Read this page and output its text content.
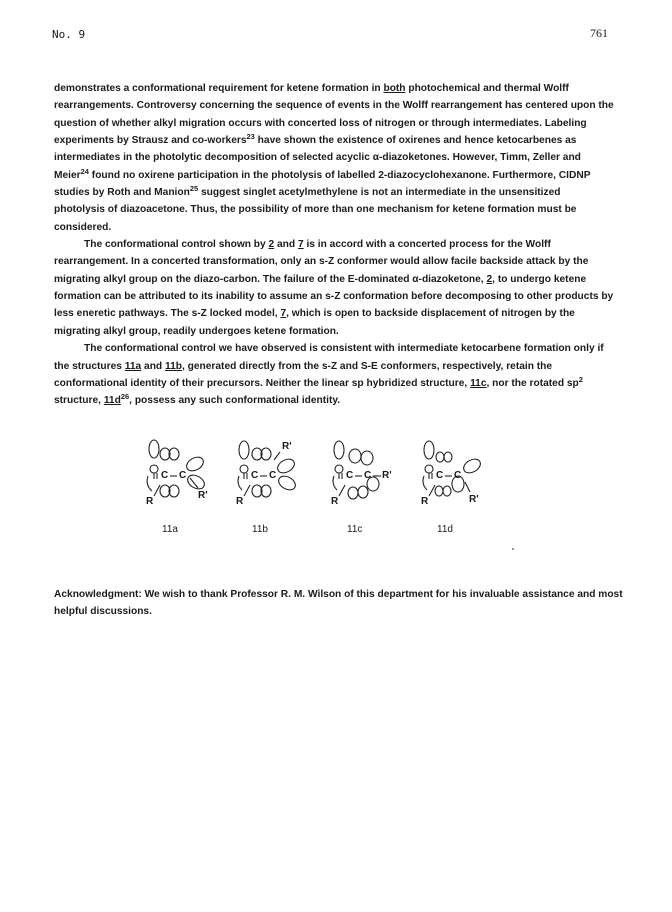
No. 9	761

demonstrates a conformational requirement for ketene formation in both photochemical and thermal Wolff rearrangements. Controversy concerning the sequence of events in the Wolff rearrangement has centered upon the question of whether alkyl migration occurs with concerted loss of nitrogen or through intermediates. Labeling experiments by Strausz and co-workers$^{23}$ have shown the existence of oxirenes and hence ketocarbenes as intermediates in the photolytic decomposition of selected acyclic α-diazoketones. However, Timm, Zeller and Meier$^{24}$ found no oxirene participation in the photolysis of labelled 2-diazocyclohexanone. Furthermore, CIDNP studies by Roth and Manion$^{25}$ suggest singlet acetylmethylene is not an intermediate in the unsensitized photolysis of diazoacetone. Thus, the possibility of more than one mechanism for ketene formation must be considered.

The conformational control shown by 2 and 7 is in accord with a concerted process for the Wolff rearrangement. In a concerted transformation, only an s-Z conformer would allow facile backside attack by the migrating alkyl group on the diazo-carbon. The failure of the E-dominated α-diazoketone, 2, to undergo ketene formation can be attributed to its inability to assume an s-Z conformation before decomposing to other products by less eneretic pathways. The s-Z locked model, 7, which is open to backside displacement of nitrogen by the migrating alkyl group, readily undergoes ketene formation.

The conformational control we have observed is consistent with intermediate ketocarbene formation only if the structures 11a and 11b, generated directly from the s-Z and S-E conformers, respectively, retain the conformational identity of their precursors. Neither the linear sp hybridized structure, 11c, nor the rotated $sp^2$ structure, $11d^{26}$, possess any such conformational identity.

C C
R
R'
11a
C C
R'
R
11b
C C
R
R'
11c
C C
R	R'
11d

Acknowledgment: We wish to thank Professor R. M. Wilson of this department for his invaluable assistance and most helpful discussions.
